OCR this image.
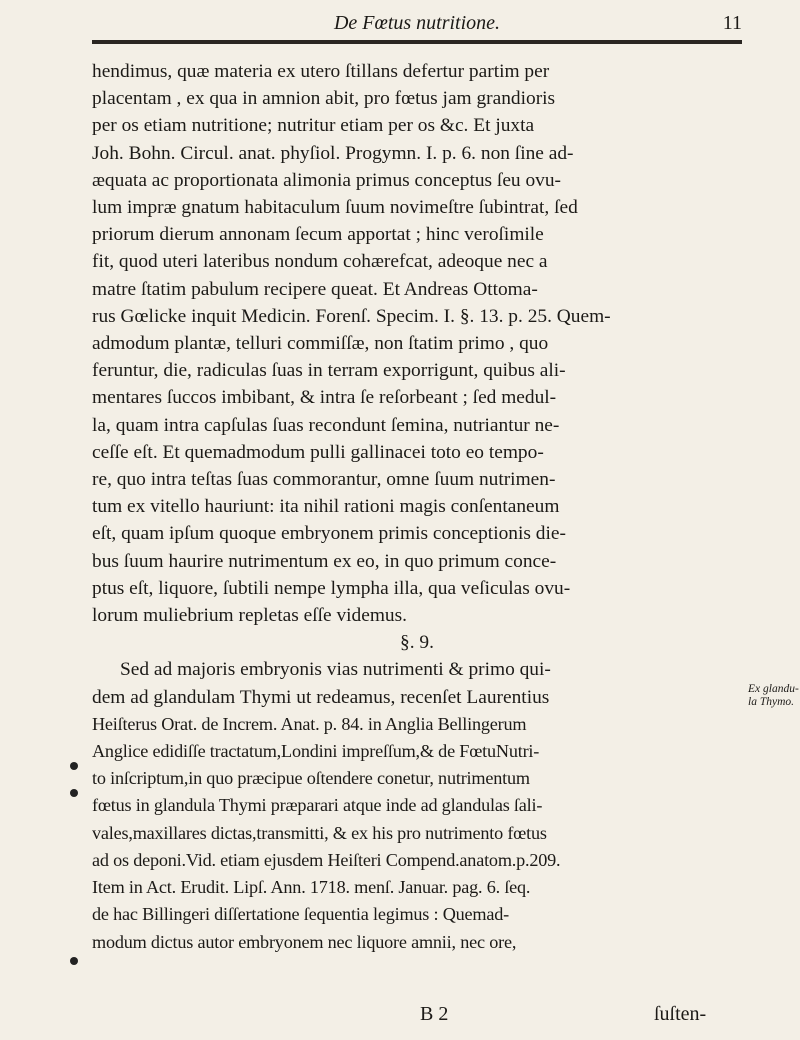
De Fœtus nutritione.	11
hendimus, quæ materia ex utero ſtillans defertur partim per
placentam , ex qua in amnion abit, pro fœtus jam grandioris
per os etiam nutritione; nutritur etiam per os &c. Et juxta
Joh. Bohn. Circul. anat. phyſiol. Progymn. I. p. 6. non ſine ad-
æquata ac proportionata alimonia primus conceptus ſeu ovu-
lum impræ gnatum habitaculum ſuum novimeſtre ſubintrat, ſed
priorum dierum annonam ſecum apportat ; hinc veroſimile
fit, quod uteri lateribus nondum cohærefcat, adeoque nec a
matre ſtatim pabulum recipere queat. Et Andreas Ottoma-
rus Gœlicke inquit Medicin. Forenſ. Specim. I. §. 13. p. 25. Quem-
admodum plantæ, telluri commiſſæ, non ſtatim primo , quo
feruntur, die, radiculas ſuas in terram exporrigunt, quibus ali-
mentares ſuccos imbibant, & intra ſe reſorbeant ; ſed medul-
la, quam intra capſulas ſuas recondunt ſemina, nutriantur ne-
ceſſe eſt. Et quemadmodum pulli gallinacei toto eo tempo-
re, quo intra teſtas ſuas commorantur, omne ſuum nutrimen-
tum ex vitello hauriunt: ita nihil rationi magis conſentaneum
eſt, quam ipſum quoque embryonem primis conceptionis die-
bus ſuum haurire nutrimentum ex eo, in quo primum conce-
ptus eſt, liquore, ſubtili nempe lympha illa, qua veſiculas ovu-
lorum muliebrium repletas eſſe videmus.
§. 9.
Sed ad majoris embryonis vias nutrimenti & primo qui-
dem ad glandulam Thymi ut redeamus, recenſet Laurentius
Heiſterus Orat. de Increm. Anat. p. 84. in Anglia Bellingerum
Anglice edidiſſe tractatum,Londini impreſſum,& de FœtuNutri-
to inſcriptum,in quo præcipue oſtendere conetur, nutrimentum
fœtus in glandula Thymi præparari atque inde ad glandulas ſali-
vales,maxillares dictas,transmitti, & ex his pro nutrimento fœtus
ad os deponi.Vid. etiam ejusdem Heiſteri Compend.anatom.p.209.
Item in Act. Erudit. Lipſ. Ann. 1718. menſ. Januar. pag. 6. ſeq.
de hac Billingeri diſſertatione ſequentia legimus : Quemad-
modum dictus autor embryonem nec liquore amnii, nec ore,
Ex glandu-
la Thymo.
B 2	ſuſten-
